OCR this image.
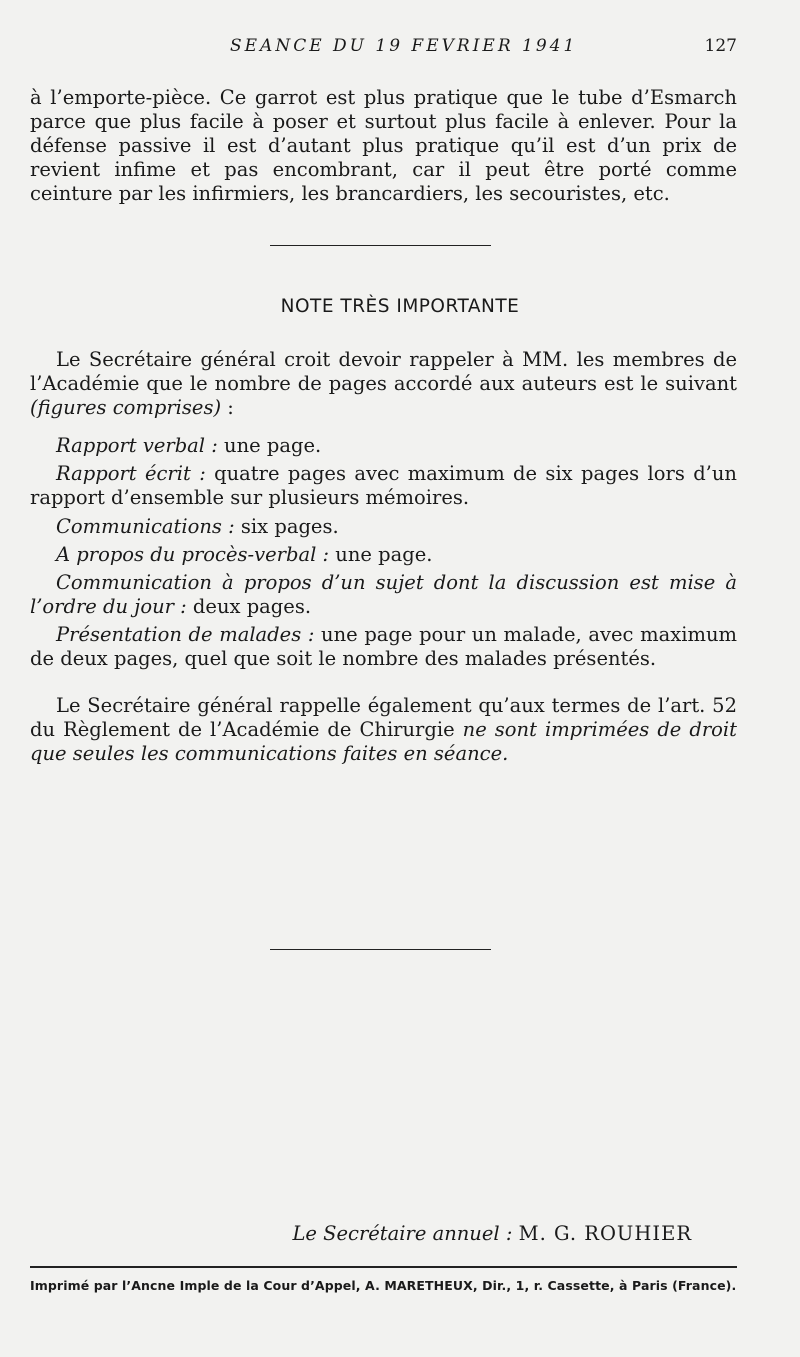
SEANCE DU 19 FEVRIER 1941	127

à l’emporte-pièce. Ce garrot est plus pratique que le tube d’Esmarch parce que plus facile à poser et surtout plus facile à enlever. Pour la défense passive il est d’autant plus pratique qu’il est d’un prix de revient infime et pas encombrant, car il peut être porté comme ceinture par les infirmiers, les brancardiers, les secouristes, etc.

NOTE TRÈS IMPORTANTE

Le Secrétaire général croit devoir rappeler à MM. les membres de l’Académie que le nombre de pages accordé aux auteurs est le suivant (figures comprises) :

Rapport verbal : une page.

Rapport écrit : quatre pages avec maximum de six pages lors d’un rapport d’ensemble sur plusieurs mémoires.

Communications : six pages.

A propos du procès-verbal : une page.

Communication à propos d’un sujet dont la discussion est mise à l’ordre du jour : deux pages.

Présentation de malades : une page pour un malade, avec maximum de deux pages, quel que soit le nombre des malades présentés.

Le Secrétaire général rappelle également qu’aux termes de l’art. 52 du Règlement de l’Académie de Chirurgie ne sont imprimées de droit que seules les communications faites en séance.

Le Secrétaire annuel : M. G. ROUHIER
Imprimé par l’Ancne Imple de la Cour d’Appel, A. MARETHEUX, Dir., 1, r. Cassette, à Paris (France).
